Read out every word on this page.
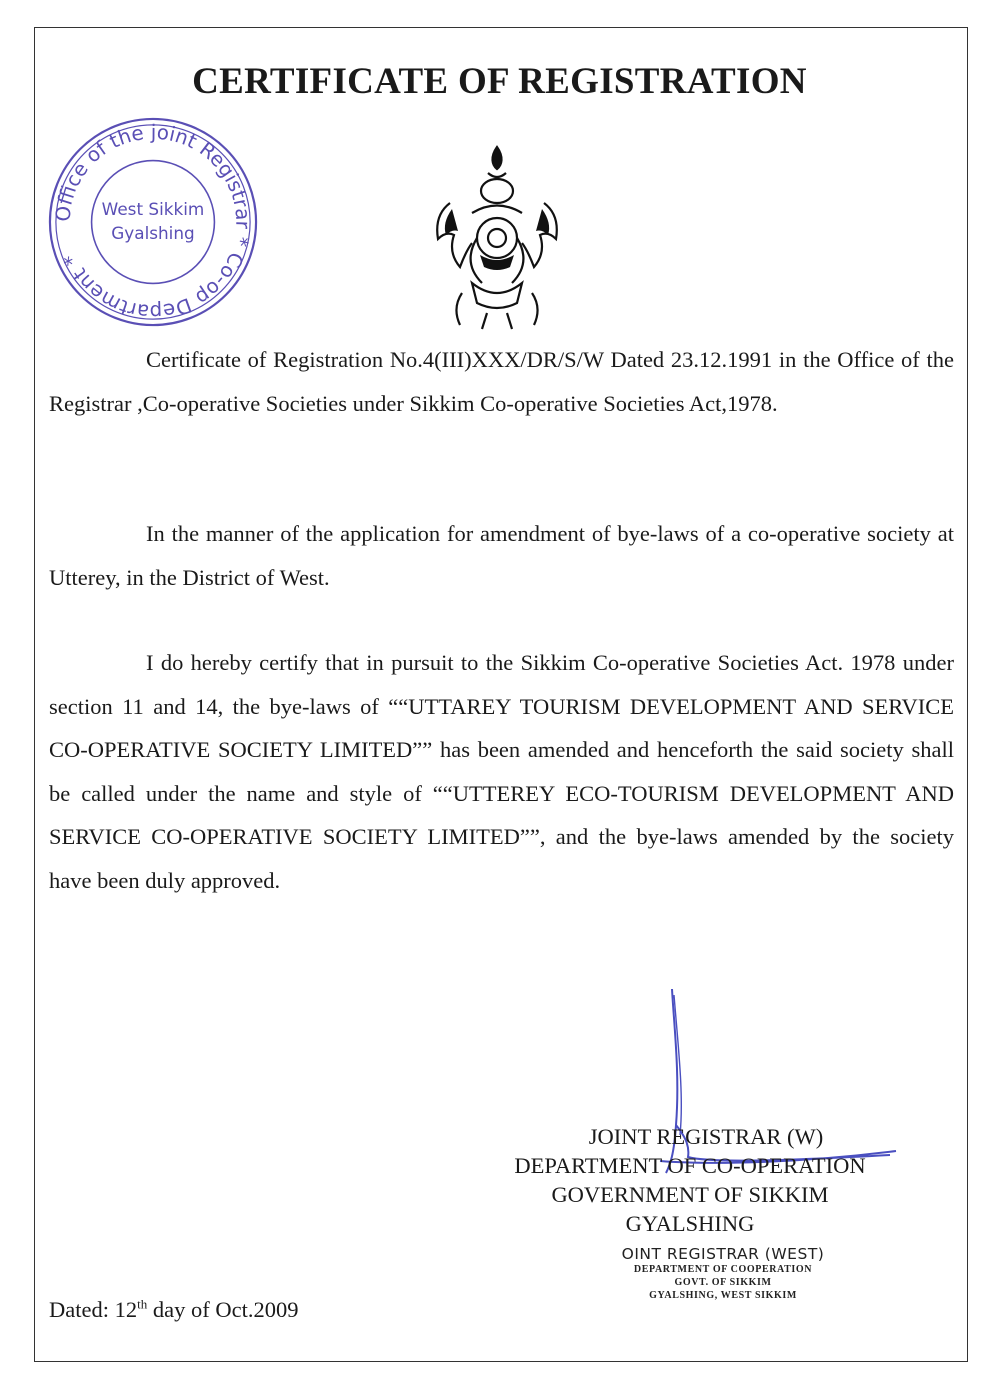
CERTIFICATE OF REGISTRATION
Office of the joint Registrar * Co-op Department *
West Sikkim
Gyalshing

Certificate of Registration No.4(III)XXX/DR/S/W Dated 23.12.1991 in the Office of the Registrar ,Co-operative Societies under Sikkim Co-operative Societies Act,1978.

In the manner of the application for amendment of bye-laws of a co-operative society at Utterey, in the District of West.

I do hereby certify that in pursuit to the Sikkim Co-operative Societies Act. 1978 under section 11 and 14, the bye-laws of ““UTTAREY TOURISM DEVELOPMENT AND SERVICE CO-OPERATIVE SOCIETY LIMITED”” has been amended and henceforth the said society shall be called under the name and style of ““UTTEREY ECO-TOURISM DEVELOPMENT AND SERVICE CO-OPERATIVE SOCIETY LIMITED””, and the bye-laws amended by the society have been duly approved.

JOINT REGISTRAR (W)
DEPARTMENT OF CO-OPERATION
GOVERNMENT OF SIKKIM
GYALSHING
OINT REGISTRAR (WEST)
DEPARTMENT OF COOPERATION
GOVT. OF SIKKIM
GYALSHING, WEST SIKKIM
Dated: 12th day of Oct.2009
